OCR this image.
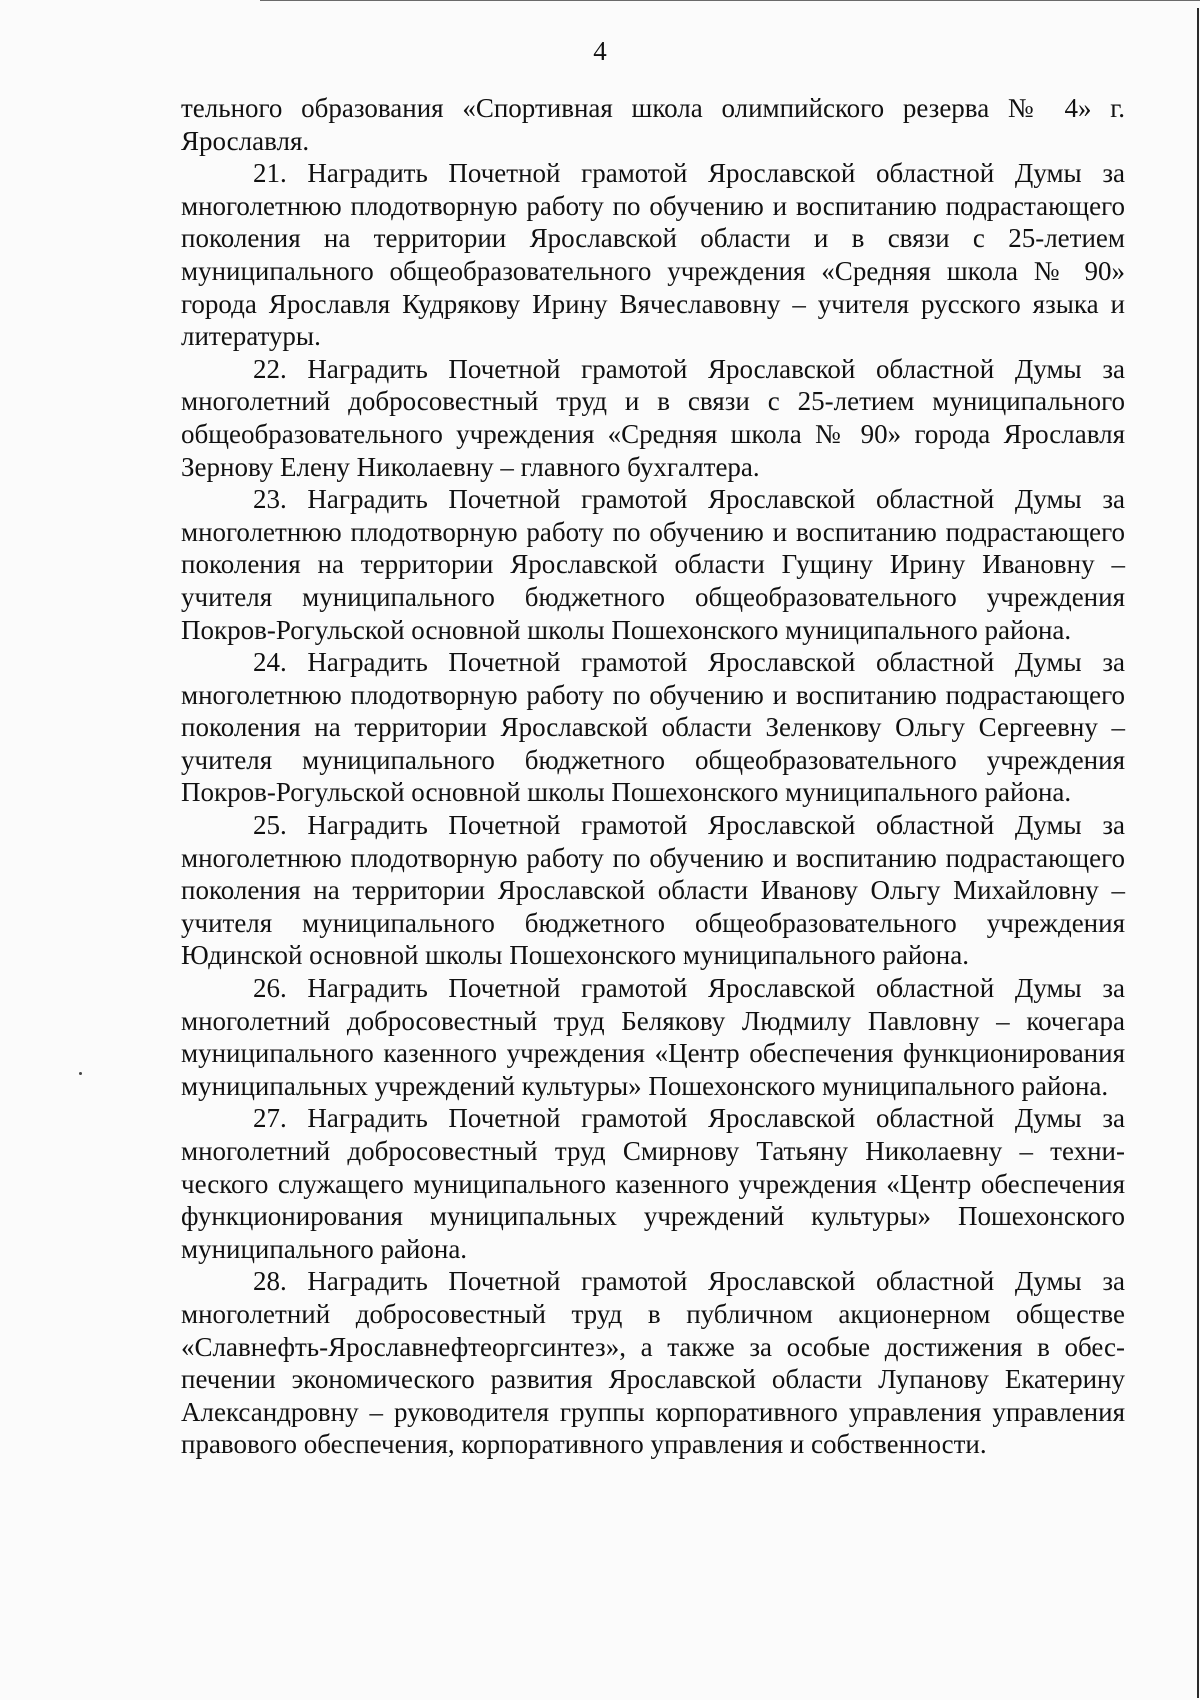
4

тельного образования «Спортивная школа олимпийского резерва № 4» г. Ярославля.

21. Наградить Почетной грамотой Ярославской областной Думы за многолетнюю плодотворную работу по обучению и воспитанию подрастающего поколения на территории Ярославской области и в связи с 25-летием муниципального общеобразовательного учреждения «Средняя школа № 90» города Ярославля Кудрякову Ирину Вячеславовну – учителя русского языка и литературы.

22. Наградить Почетной грамотой Ярославской областной Думы за многолетний добросовестный труд и в связи с 25-летием муниципального общеобразовательного учреждения «Средняя школа № 90» города Ярославля Зернову Елену Николаевну – главного бухгалтера.

23. Наградить Почетной грамотой Ярославской областной Думы за многолетнюю плодотворную работу по обучению и воспитанию подрастающего поколения на территории Ярославской области Гущину Ирину Ивановну – учителя муниципального бюджетного общеобразовательного учреждения Покров-Рогульской основной школы Пошехонского муниципального района.

24. Наградить Почетной грамотой Ярославской областной Думы за многолетнюю плодотворную работу по обучению и воспитанию подрастающего поколения на территории Ярославской области Зеленкову Ольгу Сергеевну – учителя муниципального бюджетного общеобразовательного учреждения Покров-Рогульской основной школы Пошехонского муниципального района.

25. Наградить Почетной грамотой Ярославской областной Думы за многолетнюю плодотворную работу по обучению и воспитанию подрастающего поколения на территории Ярославской области Иванову Ольгу Михайловну – учителя муниципального бюджетного общеобразовательного учреждения Юдинской основной школы Пошехонского муниципального района.

26. Наградить Почетной грамотой Ярославской областной Думы за многолетний добросовестный труд Белякову Людмилу Павловну – кочегара муниципального казенного учреждения «Центр обеспечения функционирования муниципальных учреждений культуры» Пошехонского муниципального района.

27. Наградить Почетной грамотой Ярославской областной Думы за многолетний добросовестный труд Смирнову Татьяну Николаевну – технического служащего муниципального казенного учреждения «Центр обеспечения функционирования муниципальных учреждений культуры» Пошехонского муниципального района.

28. Наградить Почетной грамотой Ярославской областной Думы за многолетний добросовестный труд в публичном акционерном обществе «Славнефть-Ярославнефтеоргсинтез», а также за особые достижения в обеспечении экономического развития Ярославской области Лупанову Екатерину Александровну – руководителя группы корпоративного управления управления правового обеспечения, корпоративного управления и собственности.
